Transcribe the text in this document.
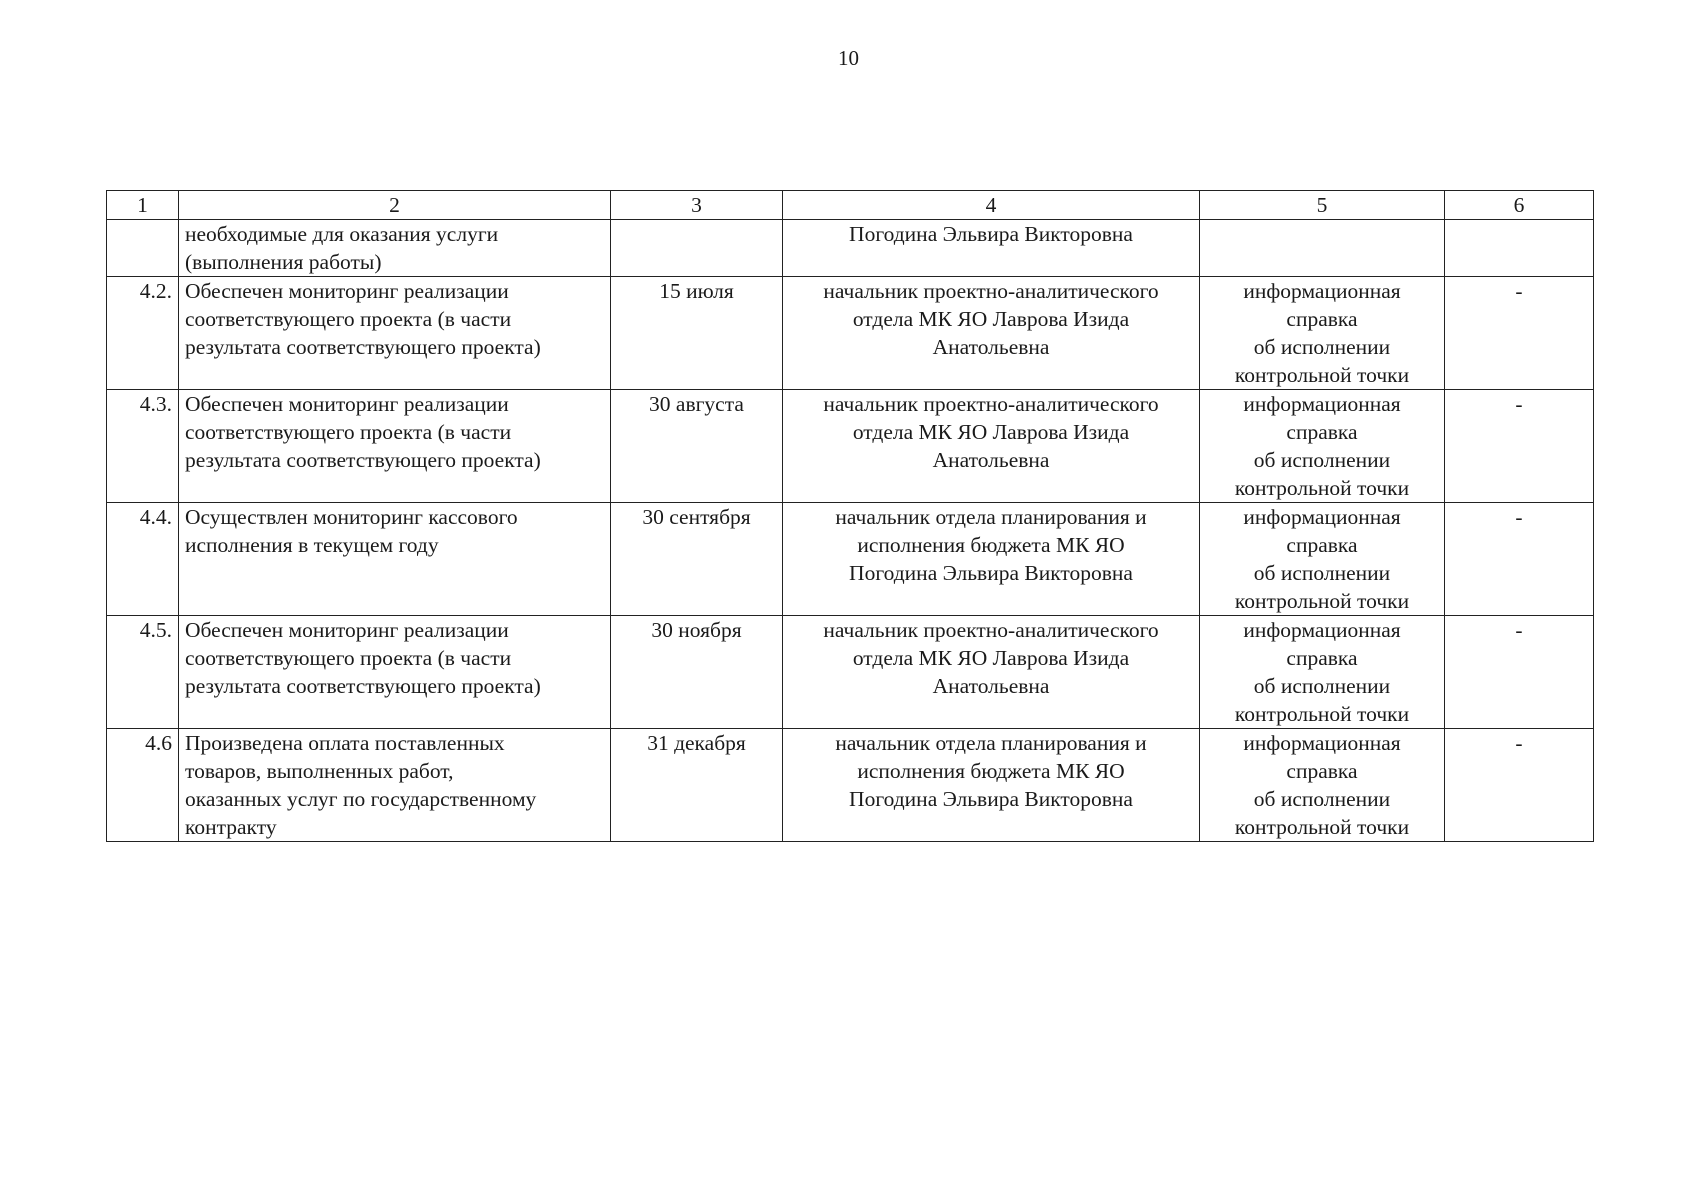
10
1	2	3	4	5	6
	необходимые для оказания услуги
(выполнения работы)		Погодина Эльвира Викторовна		
4.2.	Обеспечен мониторинг реализации
соответствующего проекта (в части
результата соответствующего проекта)	15 июля	начальник проектно-аналитического
отдела МК ЯО Лаврова Изида
Анатольевна	информационная
справка
об исполнении
контрольной точки	-
4.3.	Обеспечен мониторинг реализации
соответствующего проекта (в части
результата соответствующего проекта)	30 августа	начальник проектно-аналитического
отдела МК ЯО Лаврова Изида
Анатольевна	информационная
справка
об исполнении
контрольной точки	-
4.4.	Осуществлен мониторинг кассового
исполнения в текущем году	30 сентября	начальник отдела планирования и
исполнения бюджета МК ЯО
Погодина Эльвира Викторовна	информационная
справка
об исполнении
контрольной точки	-
4.5.	Обеспечен мониторинг реализации
соответствующего проекта (в части
результата соответствующего проекта)	30 ноября	начальник проектно-аналитического
отдела МК ЯО Лаврова Изида
Анатольевна	информационная
справка
об исполнении
контрольной точки	-
4.6	Произведена оплата поставленных
товаров, выполненных работ,
оказанных услуг по государственному
контракту	31 декабря	начальник отдела планирования и
исполнения бюджета МК ЯО
Погодина Эльвира Викторовна	информационная
справка
об исполнении
контрольной точки	-
